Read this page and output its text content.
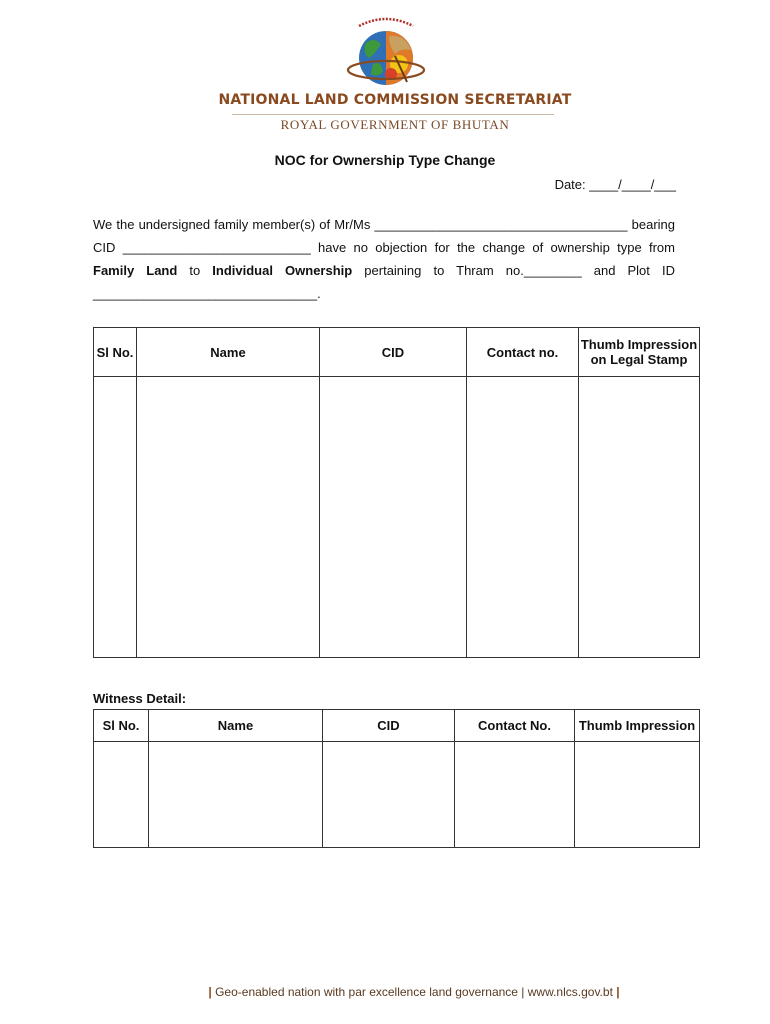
NATIONAL LAND COMMISSION SECRETARIAT
ROYAL GOVERNMENT OF BHUTAN
NOC for Ownership Type Change
Date: ____/____/___
We the undersigned family member(s) of Mr/Ms ___________________________________ bearing CID __________________________ have no objection for the change of ownership type from Family Land to Individual Ownership pertaining to Thram no.________ and Plot ID _______________________________.
Sl No.	Name	CID	Contact no.	Thumb Impression on Legal Stamp

Witness Detail:
Sl No.	Name	CID	Contact No.	Thumb Impression

| Geo-enabled nation with par excellence land governance | www.nlcs.gov.bt |
